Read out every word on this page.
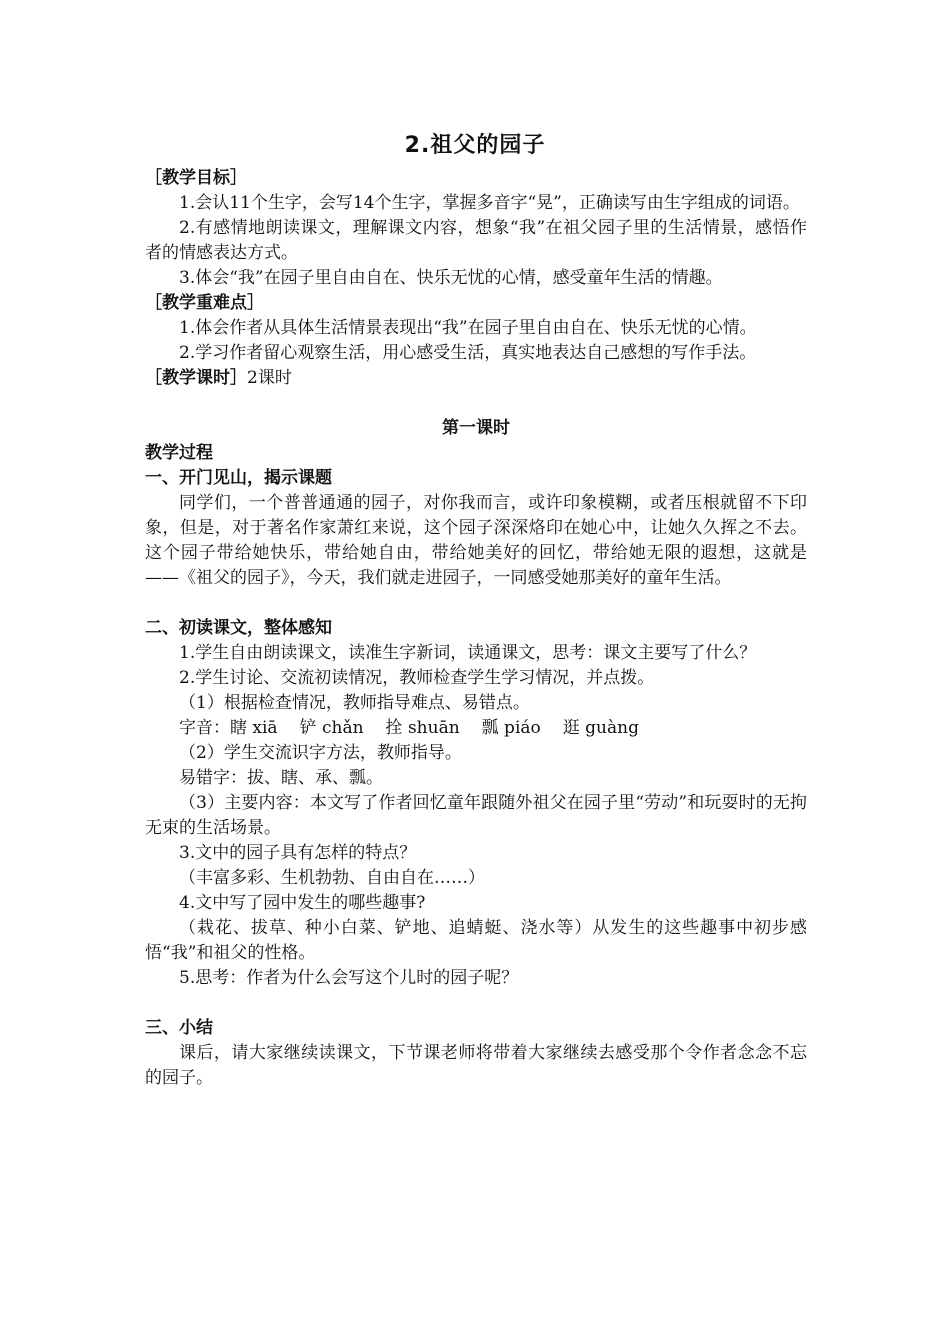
2.祖父的园子
［教学目标］
1.会认11个生字，会写14个生字，掌握多音字“晃”，正确读写由生字组成的词语。
2.有感情地朗读课文，理解课文内容，想象“我”在祖父园子里的生活情景，感悟作者的情感表达方式。
3.体会“我”在园子里自由自在、快乐无忧的心情，感受童年生活的情趣。
［教学重难点］
1.体会作者从具体生活情景表现出“我”在园子里自由自在、快乐无忧的心情。
2.学习作者留心观察生活，用心感受生活，真实地表达自己感想的写作手法。
［教学课时］2课时
第一课时
教学过程
一、开门见山，揭示课题
同学们，一个普普通通的园子，对你我而言，或许印象模糊，或者压根就留不下印象，但是，对于著名作家萧红来说，这个园子深深烙印在她心中，让她久久挥之不去。这个园子带给她快乐，带给她自由，带给她美好的回忆，带给她无限的遐想，这就是——《祖父的园子》，今天，我们就走进园子，一同感受她那美好的童年生活。
二、初读课文，整体感知
1.学生自由朗读课文，读准生字新词，读通课文，思考：课文主要写了什么？
2.学生讨论、交流初读情况，教师检查学生学习情况，并点拨。
（1）根据检查情况，教师指导难点、易错点。
字音：瞎 xiā 铲 chǎn 拴 shuān 瓢 piáo 逛 guàng
（2）学生交流识字方法，教师指导。
易错字：拔、瞎、承、瓢。
（3）主要内容：本文写了作者回忆童年跟随外祖父在园子里“劳动”和玩耍时的无拘无束的生活场景。
3.文中的园子具有怎样的特点？
（丰富多彩、生机勃勃、自由自在……）
4.文中写了园中发生的哪些趣事?
（栽花、拔草、种小白菜、铲地、追蜻蜓、浇水等）从发生的这些趣事中初步感悟“我”和祖父的性格。
5.思考：作者为什么会写这个儿时的园子呢？
三、小结
课后，请大家继续读课文，下节课老师将带着大家继续去感受那个令作者念念不忘的园子。
